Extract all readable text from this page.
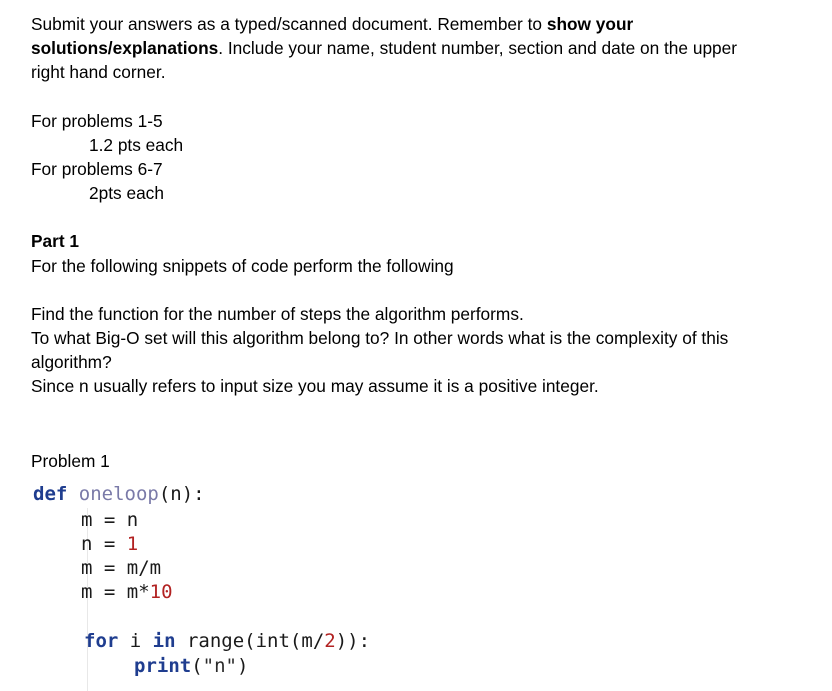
Submit your answers as a typed/scanned document. Remember to show your

solutions/explanations. Include your name, student number, section and date on the upper

right hand corner.

For problems 1-5

1.2 pts each

For problems 6-7

2pts each

Part 1

For the following snippets of code perform the following

Find the function for the number of steps the algorithm performs.

To what Big-O set will this algorithm belong to? In other words what is the complexity of this

algorithm?

Since n usually refers to input size you may assume it is a positive integer.

Problem 1
def oneloop(n):
m = n
n = 1
m = m/m
m = m*10
for i in range(int(m/2)):
print("n")
